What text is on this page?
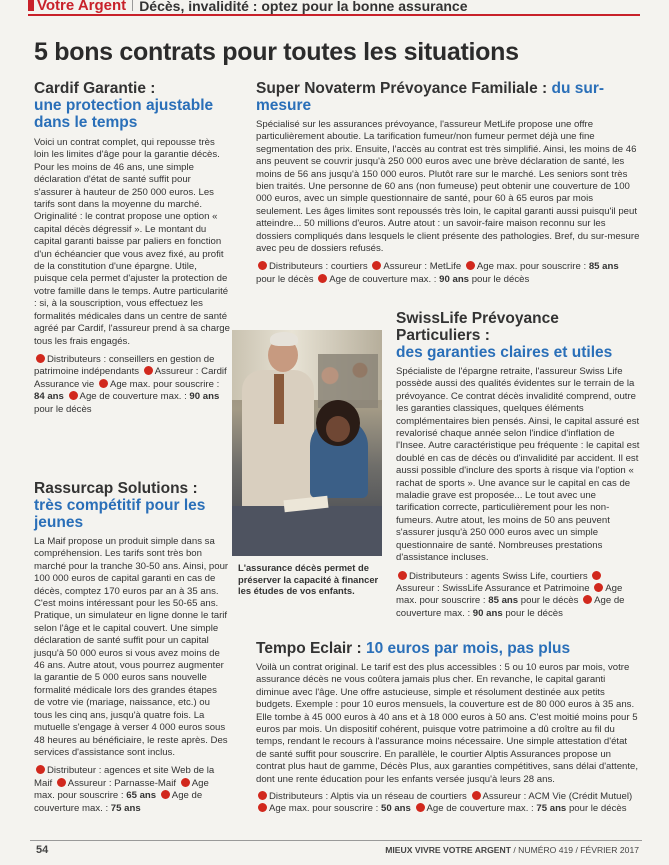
Votre Argent Décès, invalidité : optez pour la bonne assurance
5 bons contrats pour toutes les situations
Cardif Garantie :
une protection ajustable dans le temps
Voici un contrat complet, qui repousse très loin les limites d'âge pour la garantie décès. Pour les moins de 46 ans, une simple déclaration d'état de santé suffit pour s'assurer à hauteur de 250 000 euros. Les tarifs sont dans la moyenne du marché. Originalité : le contrat propose une option « capital décès dégressif ». Le montant du capital garanti baisse par paliers en fonction d'un échéancier que vous avez fixé, au profit de la constitution d'une épargne. Utile, puisque cela permet d'ajuster la protection de votre famille dans le temps. Autre particularité : si, à la souscription, vous effectuez les formalités médicales dans un centre de santé agréé par Cardif, l'assureur prend à sa charge tous les frais engagés.
Distributeurs : conseillers en gestion de patrimoine indépendants Assureur : Cardif Assurance vie Age max. pour souscrire : 84 ans Age de couverture max. : 90 ans pour le décès
Super Novaterm Prévoyance Familiale : du sur-mesure
Spécialisé sur les assurances prévoyance, l'assureur MetLife propose une offre particulièrement aboutie. La tarification fumeur/non fumeur permet déjà une fine segmentation des prix. Ensuite, l'accès au contrat est très simplifié. Ainsi, les moins de 46 ans peuvent se couvrir jusqu'à 250 000 euros avec une brève déclaration de santé, les moins de 56 ans jusqu'à 150 000 euros. Plutôt rare sur le marché. Les seniors sont très bien traités. Une personne de 60 ans (non fumeuse) peut obtenir une couverture de 100 000 euros, avec un simple questionnaire de santé, pour 60 à 65 euros par mois seulement. Les âges limites sont repoussés très loin, le capital garanti aussi puisqu'il peut atteindre... 50 millions d'euros. Autre atout : un savoir-faire maison reconnu sur les dossiers compliqués dans lesquels le client présente des pathologies. Bref, du sur-mesure avec peu de dossiers refusés.
Distributeurs : courtiers Assureur : MetLife Age max. pour souscrire : 85 ans pour le décès Age de couverture max. : 90 ans pour le décès
SwissLife Prévoyance Particuliers :
des garanties claires et utiles
Spécialiste de l'épargne retraite, l'assureur Swiss Life possède aussi des qualités évidentes sur le terrain de la prévoyance. Ce contrat décès invalidité comprend, outre les garanties classiques, quelques éléments complémentaires bien pensés. Ainsi, le capital assuré est revalorisé chaque année selon l'indice d'inflation de l'Insee. Autre caractéristique peu fréquente : le capital est doublé en cas de décès ou d'invalidité par accident. Il est aussi possible d'inclure des sports à risque via l'option « rachat de sports ». Une avance sur le capital en cas de maladie grave est proposée... Le tout avec une tarification correcte, particulièrement pour les non-fumeurs. Autre atout, les moins de 50 ans peuvent s'assurer jusqu'à 250 000 euros avec un simple questionnaire de santé. Nombreuses prestations d'assistance incluses.
Distributeurs : agents Swiss Life, courtiers Assureur : SwissLife Assurance et Patrimoine Age max. pour souscrire : 85 ans pour le décès Age de couverture max. : 90 ans pour le décès
L'assurance décès permet de préserver la capacité à financer les études de vos enfants.
Rassurcap Solutions : très compétitif pour les jeunes
La Maif propose un produit simple dans sa compréhension. Les tarifs sont très bon marché pour la tranche 30-50 ans. Ainsi, pour 100 000 euros de capital garanti en cas de décès, comptez 170 euros par an à 35 ans. C'est moins intéressant pour les 50-65 ans. Pratique, un simulateur en ligne donne le tarif selon l'âge et le capital couvert. Une simple déclaration de santé suffit pour un capital jusqu'à 50 000 euros si vous avez moins de 46 ans. Autre atout, vous pourrez augmenter la garantie de 5 000 euros sans nouvelle formalité médicale lors des grandes étapes de votre vie (mariage, naissance, etc.) ou tous les cinq ans, jusqu'à quatre fois. La mutuelle s'engage à verser 4 000 euros sous 48 heures au bénéficiaire, le reste après. Des services d'assistance sont inclus.
Distributeur : agences et site Web de la Maif Assureur : Parnasse-Maif Age max. pour souscrire : 65 ans Age de couverture max. : 75 ans
Tempo Eclair : 10 euros par mois, pas plus
Voilà un contrat original. Le tarif est des plus accessibles : 5 ou 10 euros par mois, votre assurance décès ne vous coûtera jamais plus cher. En revanche, le capital garanti diminue avec l'âge. Une offre astucieuse, simple et résolument destinée aux petits budgets. Exemple : pour 10 euros mensuels, la couverture est de 80 000 euros à 35 ans. Elle tombe à 45 000 euros à 40 ans et à 18 000 euros à 50 ans. C'est moitié moins pour 5 euros par mois. Un dispositif cohérent, puisque votre patrimoine a dû croître au fil du temps, rendant le recours à l'assurance moins nécessaire. Une simple attestation d'état de santé suffit pour souscrire. En parallèle, le courtier Alptis Assurances propose un contrat plus haut de gamme, Décès Plus, aux garanties compétitives, sans délai d'attente, dont une rente éducation pour les enfants versée jusqu'à leurs 28 ans.
Distributeurs : Alptis via un réseau de courtiers Assureur : ACM Vie (Crédit Mutuel) Age max. pour souscrire : 50 ans Age de couverture max. : 75 ans pour le décès
54	MIEUX VIVRE VOTRE ARGENT / NUMÉRO 419 / FÉVRIER 2017
